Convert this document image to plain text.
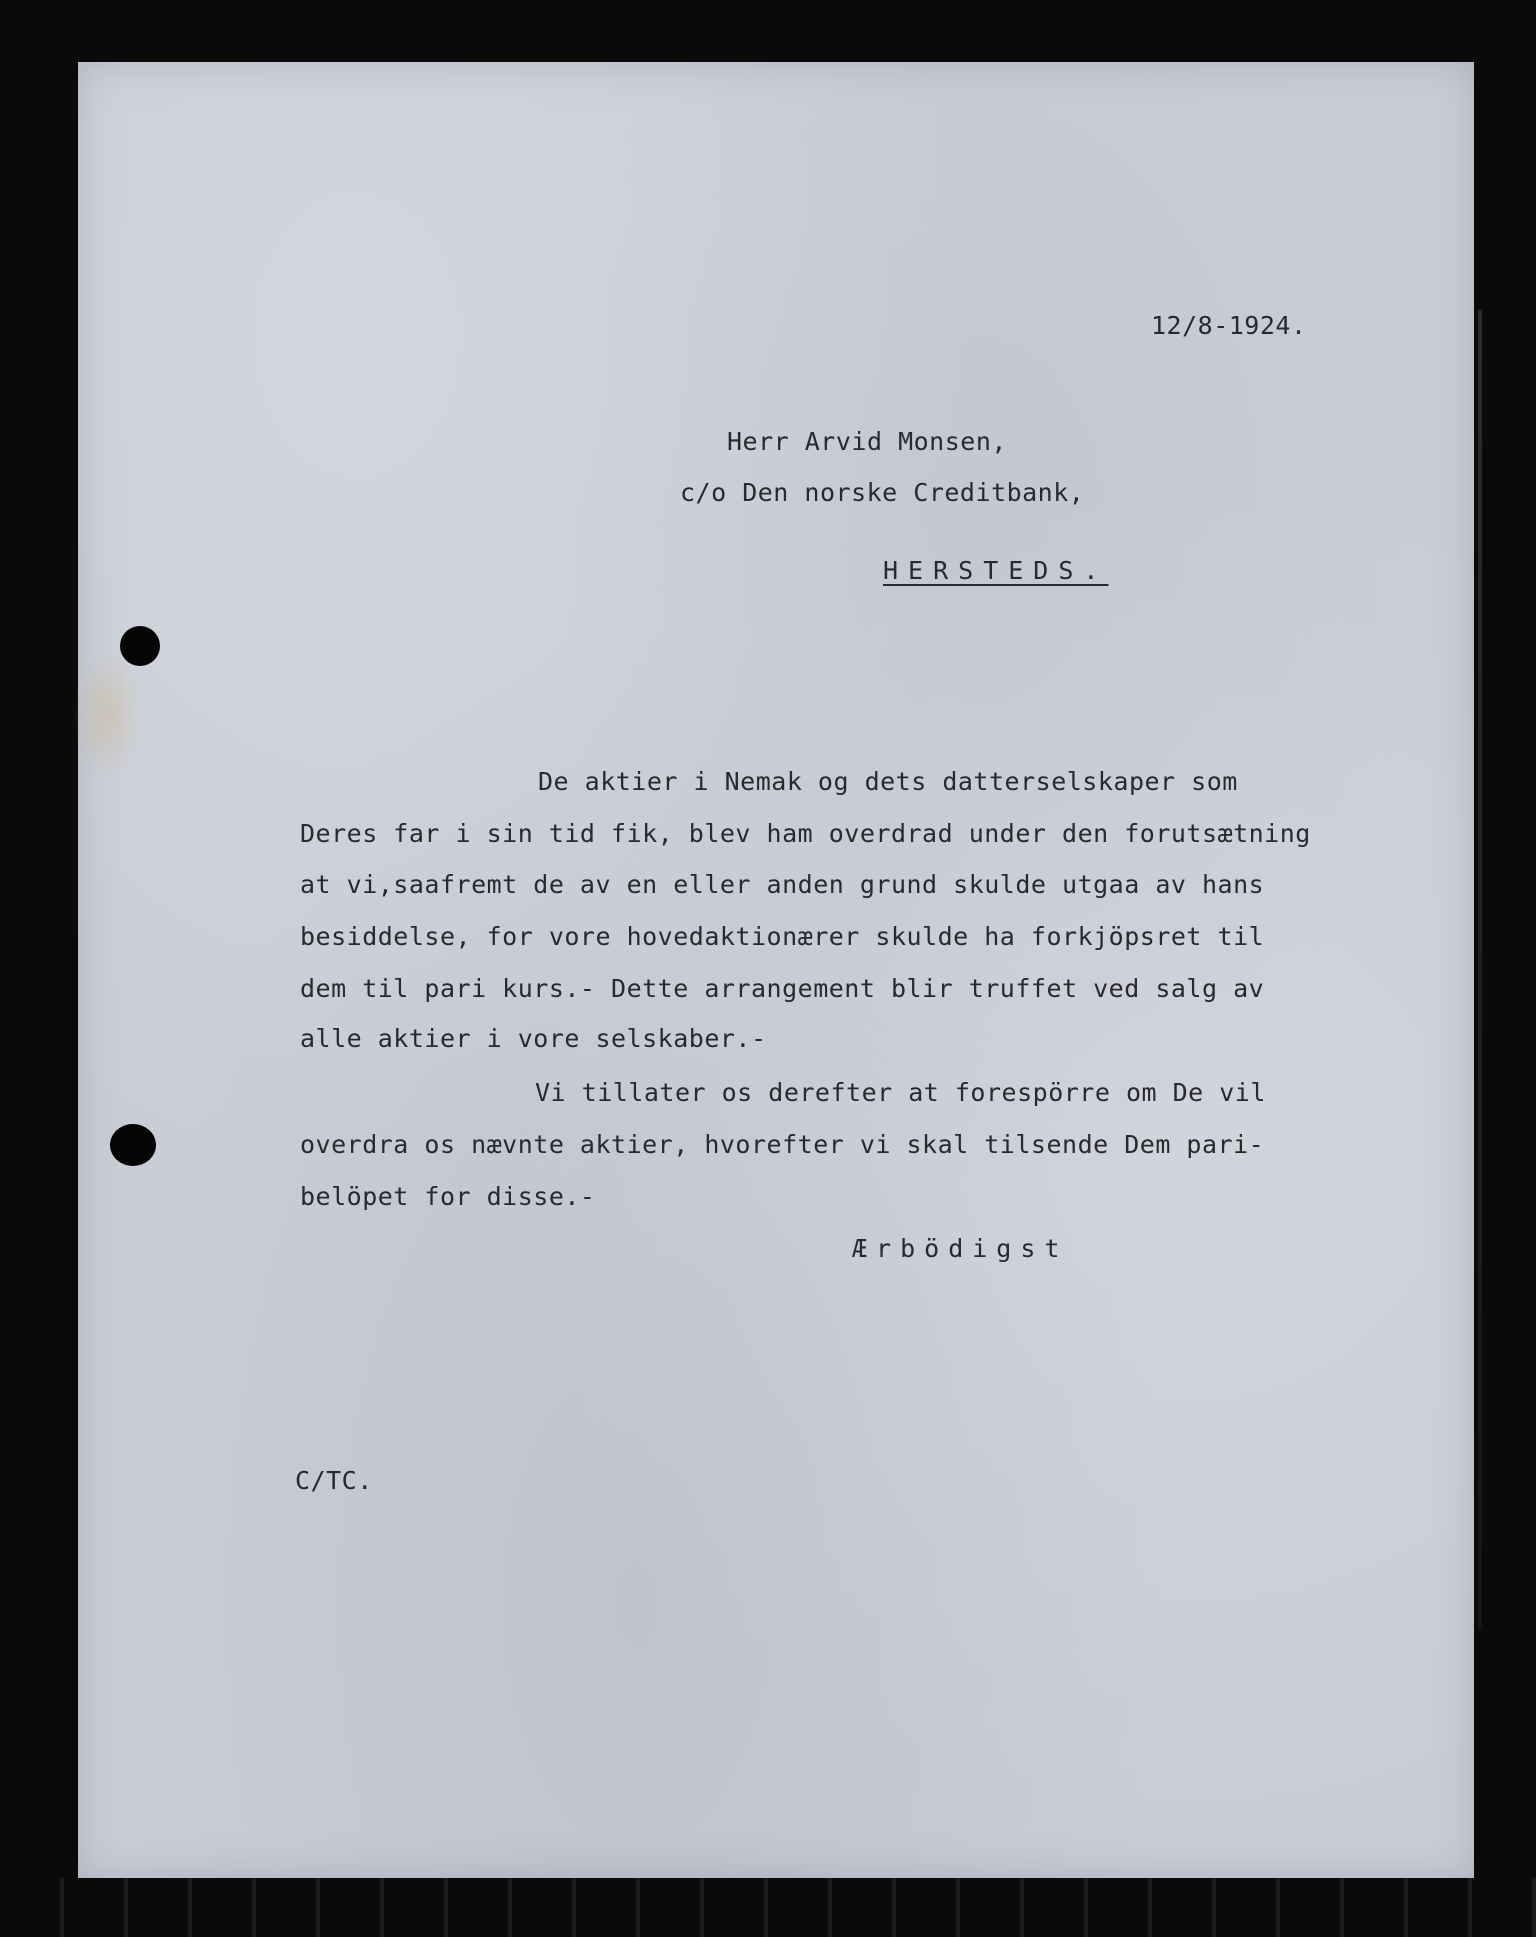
12/8-1924.

Herr Arvid Monsen,

c/o Den norske Creditbank,

HERSTEDS.

De aktier i Nemak og dets datterselskaper som

Deres far i sin tid fik, blev ham overdrad under den forutsætning

at vi,saafremt de av en eller anden grund skulde utgaa av hans

besiddelse, for vore hovedaktionærer skulde ha forkjöpsret til

dem til pari kurs.- Dette arrangement blir truffet ved salg av

alle aktier i vore selskaber.-

Vi tillater os derefter at forespörre om De vil

overdra os nævnte aktier, hvorefter vi skal tilsende Dem pari-

belöpet for disse.-

Ærbödigst

C/TC.
